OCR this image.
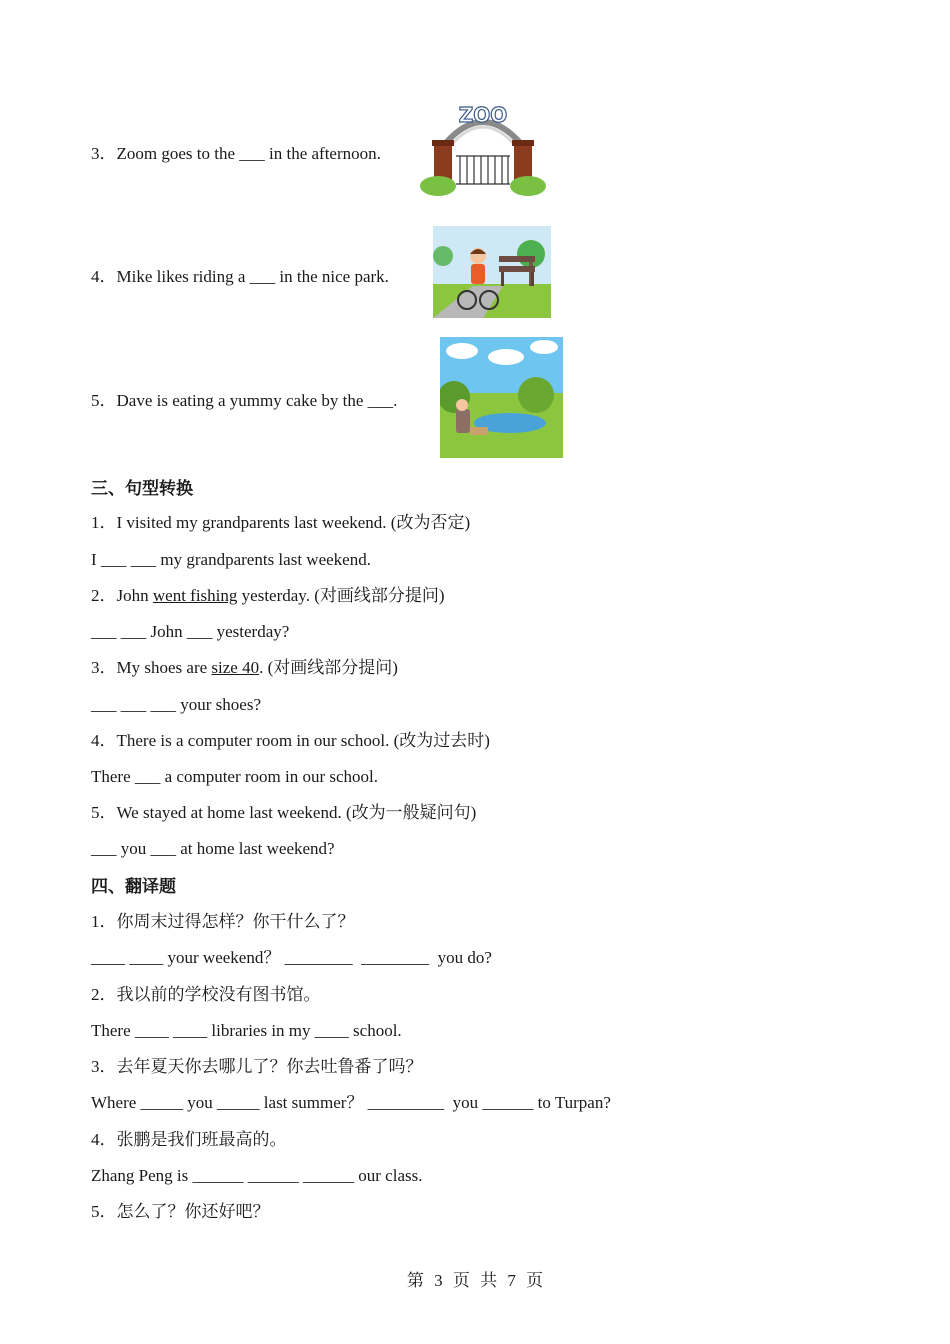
3．Zoom goes to the ___ in the afternoon.
ZOO
4．Mike likes riding a ___ in the nice park.
5．Dave is eating a yummy cake by the ___.
三、句型转换
1．I visited my grandparents last weekend. (改为否定)
I ___ ___ my grandparents last weekend.
2．John went fishing yesterday. (对画线部分提问)
___ ___ John ___ yesterday?
3．My shoes are size 40. (对画线部分提问)
___ ___ ___ your shoes?
4．There is a computer room in our school. (改为过去时)
There ___ a computer room in our school.
5．We stayed at home last weekend. (改为一般疑问句)
___ you ___ at home last weekend?
四、翻译题
1．你周末过得怎样？你干什么了？
____ ____ your weekend？ ________  ________  you do?
2．我以前的学校没有图书馆。
There ____ ____ libraries in my ____ school.
3．去年夏天你去哪儿了？你去吐鲁番了吗？
Where _____ you _____ last summer？ _________  you ______ to Turpan?
4．张鹏是我们班最高的。
Zhang Peng is ______ ______ ______ our class.
5．怎么了？你还好吧？
第 3 页 共 7 页
